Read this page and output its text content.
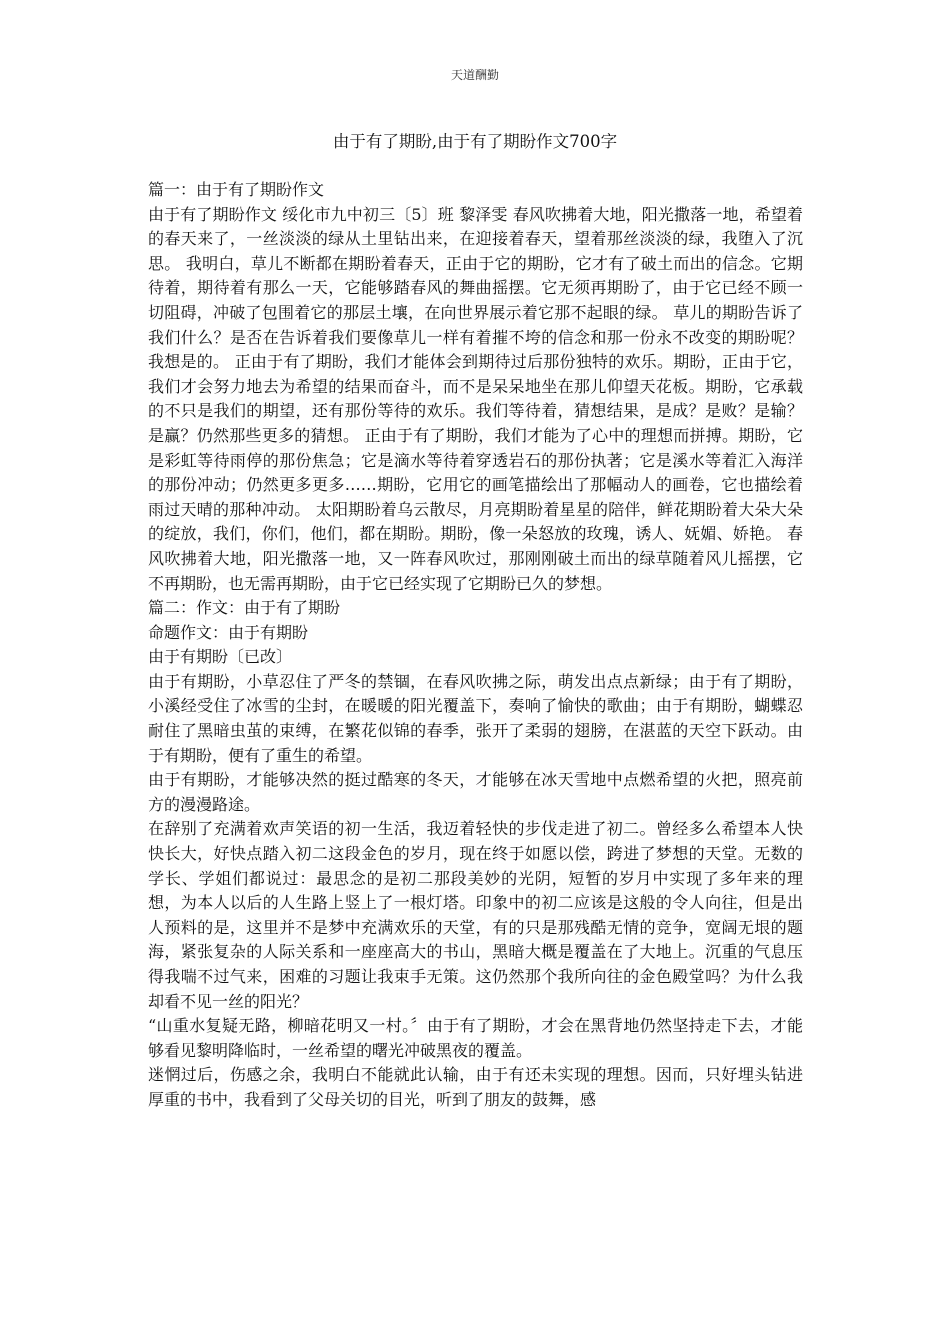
天道酬勤
由于有了期盼,由于有了期盼作文700字

篇一：由于有了期盼作文

由于有了期盼作文 绥化市九中初三〔5〕班 黎泽雯 春风吹拂着大地，阳光撒落一地，希望着的春天来了，一丝淡淡的绿从土里钻出来，在迎接着春天，望着那丝淡淡的绿，我堕入了沉思。 我明白，草儿不断都在期盼着春天，正由于它的期盼，它才有了破土而出的信念。它期待着，期待着有那么一天，它能够踏春风的舞曲摇摆。它无须再期盼了，由于它已经不顾一切阻碍，冲破了包围着它的那层土壤，在向世界展示着它那不起眼的绿。 草儿的期盼告诉了我们什么？是否在告诉着我们要像草儿一样有着摧不垮的信念和那一份永不改变的期盼呢？我想是的。 正由于有了期盼，我们才能体会到期待过后那份独特的欢乐。期盼，正由于它，我们才会努力地去为希望的结果而奋斗，而不是呆呆地坐在那儿仰望天花板。期盼，它承载的不只是我们的期望，还有那份等待的欢乐。我们等待着，猜想结果，是成？是败？是输？是赢？仍然那些更多的猜想。 正由于有了期盼，我们才能为了心中的理想而拼搏。期盼，它是彩虹等待雨停的那份焦急；它是滴水等待着穿透岩石的那份执著；它是溪水等着汇入海洋的那份冲动；仍然更多更多……期盼，它用它的画笔描绘出了那幅动人的画卷，它也描绘着雨过天晴的那种冲动。 太阳期盼着乌云散尽，月亮期盼着星星的陪伴，鲜花期盼着大朵大朵的绽放，我们，你们，他们，都在期盼。期盼，像一朵怒放的玫瑰，诱人、妩媚、娇艳。 春风吹拂着大地，阳光撒落一地，又一阵春风吹过，那刚刚破土而出的绿草随着风儿摇摆，它不再期盼，也无需再期盼，由于它已经实现了它期盼已久的梦想。

篇二：作文：由于有了期盼

命题作文：由于有期盼

由于有期盼〔已改〕

由于有期盼，小草忍住了严冬的禁锢，在春风吹拂之际，萌发出点点新绿；由于有了期盼，小溪经受住了冰雪的尘封，在暖暖的阳光覆盖下，奏响了愉快的歌曲；由于有期盼，蝴蝶忍耐住了黑暗虫茧的束缚，在繁花似锦的春季，张开了柔弱的翅膀，在湛蓝的天空下跃动。由于有期盼，便有了重生的希望。

由于有期盼，才能够决然的挺过酷寒的冬天，才能够在冰天雪地中点燃希望的火把，照亮前方的漫漫路途。

在辞别了充满着欢声笑语的初一生活，我迈着轻快的步伐走进了初二。曾经多么希望本人快快长大，好快点踏入初二这段金色的岁月，现在终于如愿以偿，跨进了梦想的天堂。无数的学长、学姐们都说过：最思念的是初二那段美妙的光阴，短暂的岁月中实现了多年来的理想，为本人以后的人生路上竖上了一根灯塔。印象中的初二应该是这般的令人向往，但是出人预料的是，这里并不是梦中充满欢乐的天堂，有的只是那残酷无情的竞争，宽阔无垠的题海，紧张复杂的人际关系和一座座高大的书山，黑暗大概是覆盖在了大地上。沉重的气息压得我喘不过气来，困难的习题让我束手无策。这仍然那个我所向往的金色殿堂吗？为什么我却看不见一丝的阳光？

“山重水复疑无路，柳暗花明又一村。〞由于有了期盼，才会在黑背地仍然坚持走下去，才能够看见黎明降临时，一丝希望的曙光冲破黑夜的覆盖。

迷惘过后，伤感之余，我明白不能就此认输，由于有还未实现的理想。因而，只好埋头钻进厚重的书中，我看到了父母关切的目光，听到了朋友的鼓舞，感
